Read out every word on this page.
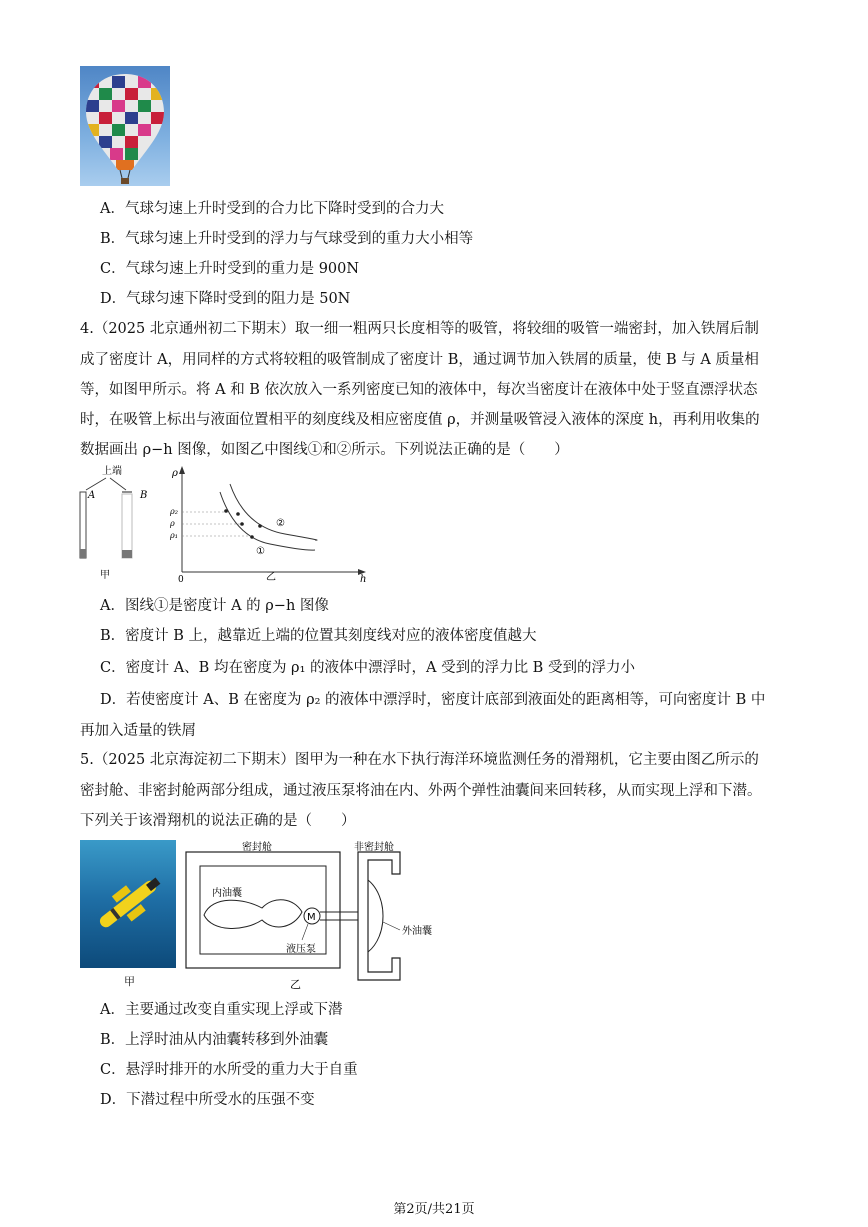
A．气球匀速上升时受到的合力比下降时受到的合力大
B．气球匀速上升时受到的浮力与气球受到的重力大小相等
C．气球匀速上升时受到的重力是 900N
D．气球匀速下降时受到的阻力是 50N
4.（2025 北京通州初二下期末）取一细一粗两只长度相等的吸管，将较细的吸管一端密封，加入铁屑后制
成了密度计 A，用同样的方式将较粗的吸管制成了密度计 B，通过调节加入铁屑的质量，使 B 与 A 质量相
等，如图甲所示。将 A 和 B 依次放入一系列密度已知的液体中，每次当密度计在液体中处于竖直漂浮状态
时，在吸管上标出与液面位置相平的刻度线及相应密度值 ρ，并测量吸管浸入液体的深度 h，再利用收集的
数据画出 ρ−h 图像，如图乙中图线①和②所示。下列说法正确的是（　　）
上端
A	B
甲
ρ
h
0
ρ₂
ρ
ρ₁
②
①
乙
A．图线①是密度计 A 的 ρ−h 图像
B．密度计 B 上，越靠近上端的位置其刻度线对应的液体密度值越大
C．密度计 A、B 均在密度为 ρ₁ 的液体中漂浮时，A 受到的浮力比 B 受到的浮力小
D．若使密度计 A、B 在密度为 ρ₂ 的液体中漂浮时，密度计底部到液面处的距离相等，可向密度计 B 中
再加入适量的铁屑
5.（2025 北京海淀初二下期末）图甲为一种在水下执行海洋环境监测任务的滑翔机，它主要由图乙所示的
密封舱、非密封舱两部分组成，通过液压泵将油在内、外两个弹性油囊间来回转移，从而实现上浮和下潜。
下列关于该滑翔机的说法正确的是（　　）
甲
密封舱
内油囊
M
液压泵
非密封舱
外油囊
乙
A．主要通过改变自重实现上浮或下潜
B．上浮时油从内油囊转移到外油囊
C．悬浮时排开的水所受的重力大于自重
D．下潜过程中所受水的压强不变
第2页/共21页
